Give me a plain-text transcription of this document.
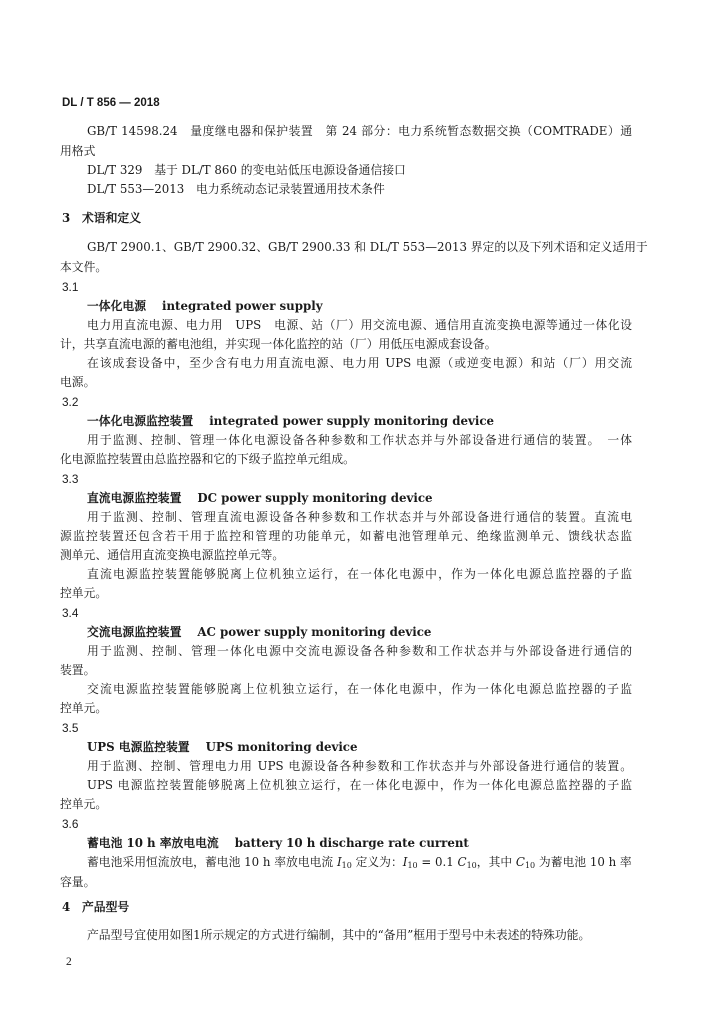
DL / T 856 — 2018
GB/T 14598.24　量度继电器和保护装置　第 24 部分：电力系统暂态数据交换（COMTRADE）通
用格式
DL/T 329　基于 DL/T 860 的变电站低压电源设备通信接口
DL/T 553—2013　电力系统动态记录装置通用技术条件
3　术语和定义
GB/T 2900.1、GB/T 2900.32、GB/T 2900.33 和 DL/T 553—2013 界定的以及下列术语和定义适用于
本文件。
3.1
一体化电源 integrated power supply
电力用直流电源、电力用　UPS　电源、站（厂）用交流电源、通信用直流变换电源等通过一体化设
计，共享直流电源的蓄电池组，并实现一体化监控的站（厂）用低压电源成套设备。
在该成套设备中，至少含有电力用直流电源、电力用 UPS 电源（或逆变电源）和站（厂）用交流
电源。
3.2
一体化电源监控装置 integrated power supply monitoring device
用于监测、控制、管理一体化电源设备各种参数和工作状态并与外部设备进行通信的装置。　一体
化电源监控装置由总监控器和它的下级子监控单元组成。
3.3
直流电源监控装置 DC power supply monitoring device
用于监测、控制、管理直流电源设备各种参数和工作状态并与外部设备进行通信的装置。直流电
源监控装置还包含若干用于监控和管理的功能单元，如蓄电池管理单元、绝缘监测单元、馈线状态监
测单元、通信用直流变换电源监控单元等。
直流电源监控装置能够脱离上位机独立运行，在一体化电源中，作为一体化电源总监控器的子监
控单元。
3.4
交流电源监控装置 AC power supply monitoring device
用于监测、控制、管理一体化电源中交流电源设备各种参数和工作状态并与外部设备进行通信的
装置。
交流电源监控装置能够脱离上位机独立运行，在一体化电源中，作为一体化电源总监控器的子监
控单元。
3.5
UPS 电源监控装置 UPS monitoring device
用于监测、控制、管理电力用 UPS 电源设备各种参数和工作状态并与外部设备进行通信的装置。
UPS 电源监控装置能够脱离上位机独立运行，在一体化电源中，作为一体化电源总监控器的子监
控单元。
3.6
蓄电池 10 h 率放电电流 battery 10 h discharge rate current
蓄电池采用恒流放电，蓄电池 10 h 率放电电流 $I_{10}$ 定义为：$I_{10} = 0.1$ $C_{10}$，其中 $C_{10}$ 为蓄电池 10 h 率
容量。
4　产品型号
产品型号宜使用如图1所示规定的方式进行编制，其中的“备用”框用于型号中未表述的特殊功能。
2
